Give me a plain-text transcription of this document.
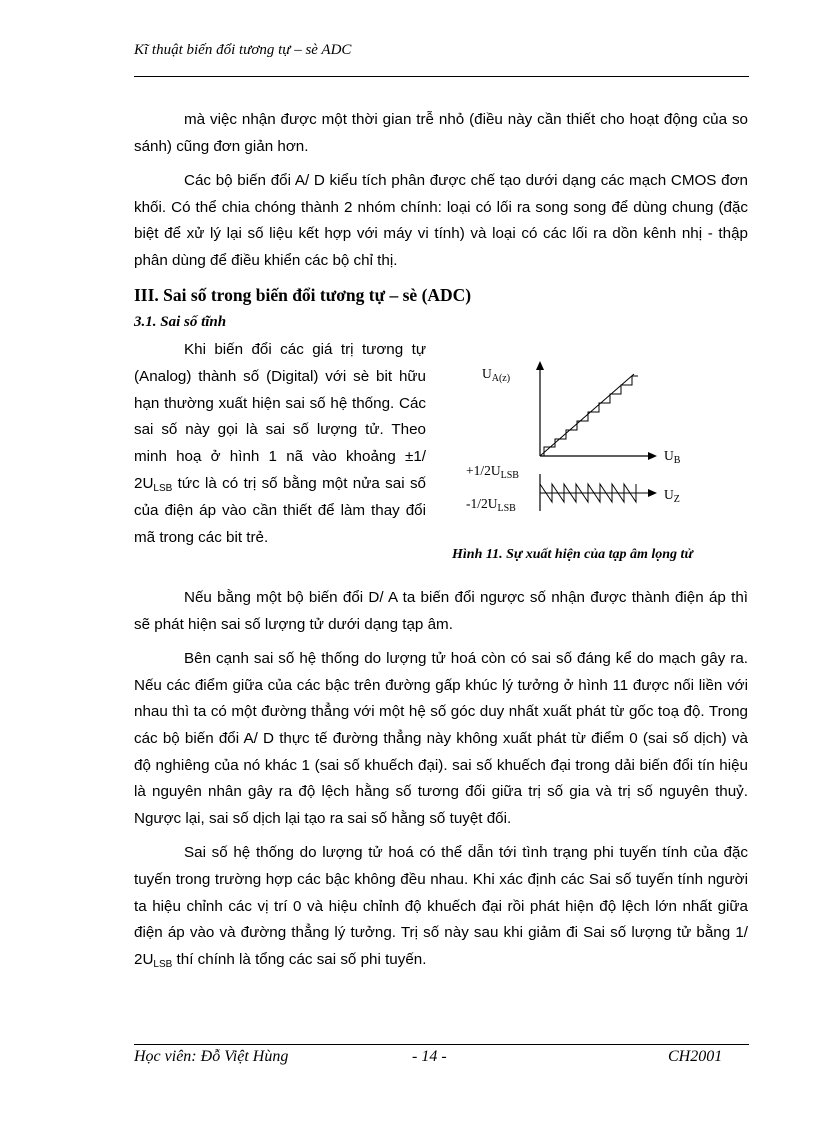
Kĩ thuật biến đổi tương tự – sè ADC

mà việc nhận được một thời gian trễ nhỏ (điều này cần thiết cho hoạt động của so sánh) cũng đơn giản hơn.

Các bộ biến đổi A/ D kiểu tích phân được chế tạo dưới dạng các mạch CMOS đơn khối. Có thể chia chóng thành 2 nhóm chính: loại có lối ra song song để dùng chung (đặc biệt để xử lý lại số liệu kết hợp với máy vi tính) và loại có các lối ra dồn kênh nhị - thập phân dùng để điều khiển các bộ chỉ thị.

III. Sai số trong biến đổi tương tự – sè (ADC)
3.1. Sai số tĩnh

Khi biến đổi các giá trị tương tự (Analog) thành số (Digital) với sè bit hữu hạn thường xuất hiện sai số hệ thống. Các sai số này gọi là sai số lượng tử. Theo minh hoạ ở hình 1 nã vào khoảng ±1/ $2U_{LSB}$ tức là có trị số bằng một nửa sai số của điện áp vào cần thiết để làm thay đổi mã trong các bit trẻ.

$U_{A(z)}$
$U_B$
$+1/2U_{LSB}$
$U_Z$
$-1/2U_{LSB}$
Hình 11. Sự xuất hiện của tạp âm lọng tử

Nếu bằng một bộ biến đổi D/ A ta biến đổi ngược số nhận được thành điện áp thì sẽ phát hiện sai số lượng tử dưới dạng tạp âm.

Bên cạnh sai số hệ thống do lượng tử hoá còn có sai số đáng kể do mạch gây ra. Nếu các điểm giữa của các bậc trên đường gấp khúc lý tưởng ở hình 11 được nối liền với nhau thì ta có một đường thẳng với một hệ số góc duy nhất xuất phát từ gốc toạ độ. Trong các bộ biến đổi A/ D thực tế đường thẳng này không xuất phát từ điểm 0 (sai số dịch) và độ nghiêng của nó khác 1 (sai số khuếch đại). sai số khuếch đại trong dải biến đổi tín hiệu là nguyên nhân gây ra độ lệch hằng số tương đối giữa trị số gia và trị số nguyên thuỷ. Ngược lại, sai số dịch lại tạo ra sai số hằng số tuyệt đối.

Sai số hệ thống do lượng tử hoá có thể dẫn tới tình trạng phi tuyến tính của đặc tuyến trong trường hợp các bậc không đều nhau. Khi xác định các Sai số tuyến tính người ta hiệu chỉnh các vị trí 0 và hiệu chỉnh độ khuếch đại rồi phát hiện độ lệch lớn nhất giữa điện áp vào và đường thẳng lý tưởng. Trị số này sau khi giảm đi Sai số lượng tử bằng 1/ $2U_{LSB}$ thí chính là tổng các sai số phi tuyến.

Học viên: Đỗ Việt Hùng	- 14 -	CH2001
